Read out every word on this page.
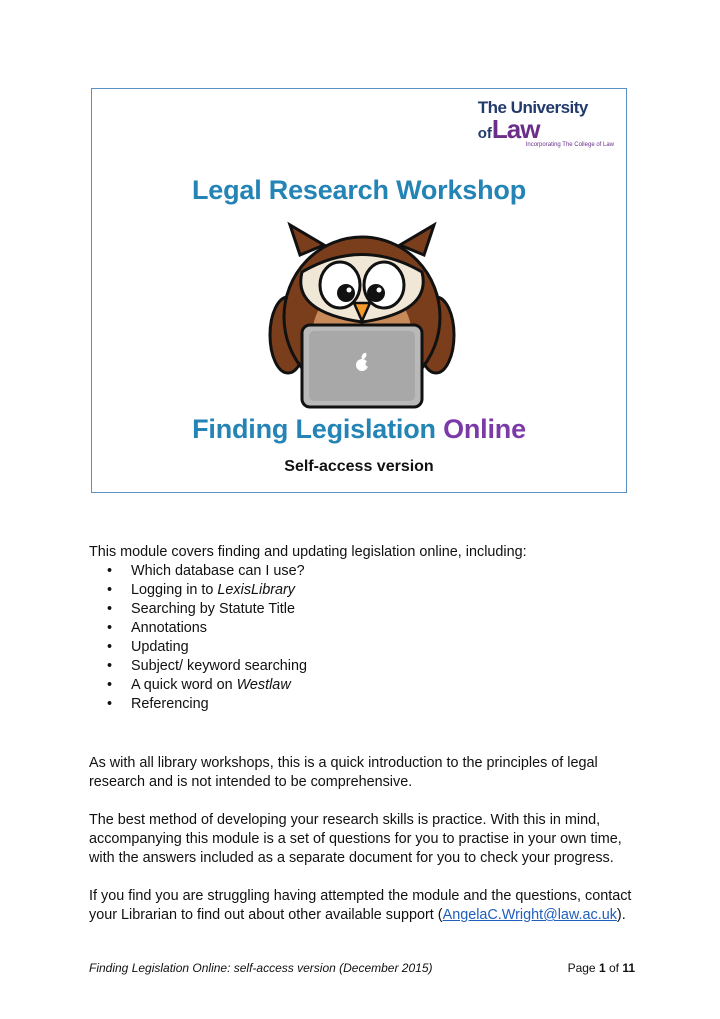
The University
ofLaw
Incorporating The College of Law
Legal Research Workshop
Finding Legislation Online
Self-access version
This module covers finding and updating legislation online, including:
• Which database can I use?
• Logging in to LexisLibrary
• Searching by Statute Title
• Annotations
• Updating
• Subject/ keyword searching
• A quick word on Westlaw
• Referencing
As with all library workshops, this is a quick introduction to the principles of legal research and is not intended to be comprehensive.
The best method of developing your research skills is practice. With this in mind, accompanying this module is a set of questions for you to practise in your own time, with the answers included as a separate document for you to check your progress.
If you find you are struggling having attempted the module and the questions, contact your Librarian to find out about other available support (AngelaC.Wright@law.ac.uk).
Finding Legislation Online: self-access version (December 2015)	Page 1 of 11
